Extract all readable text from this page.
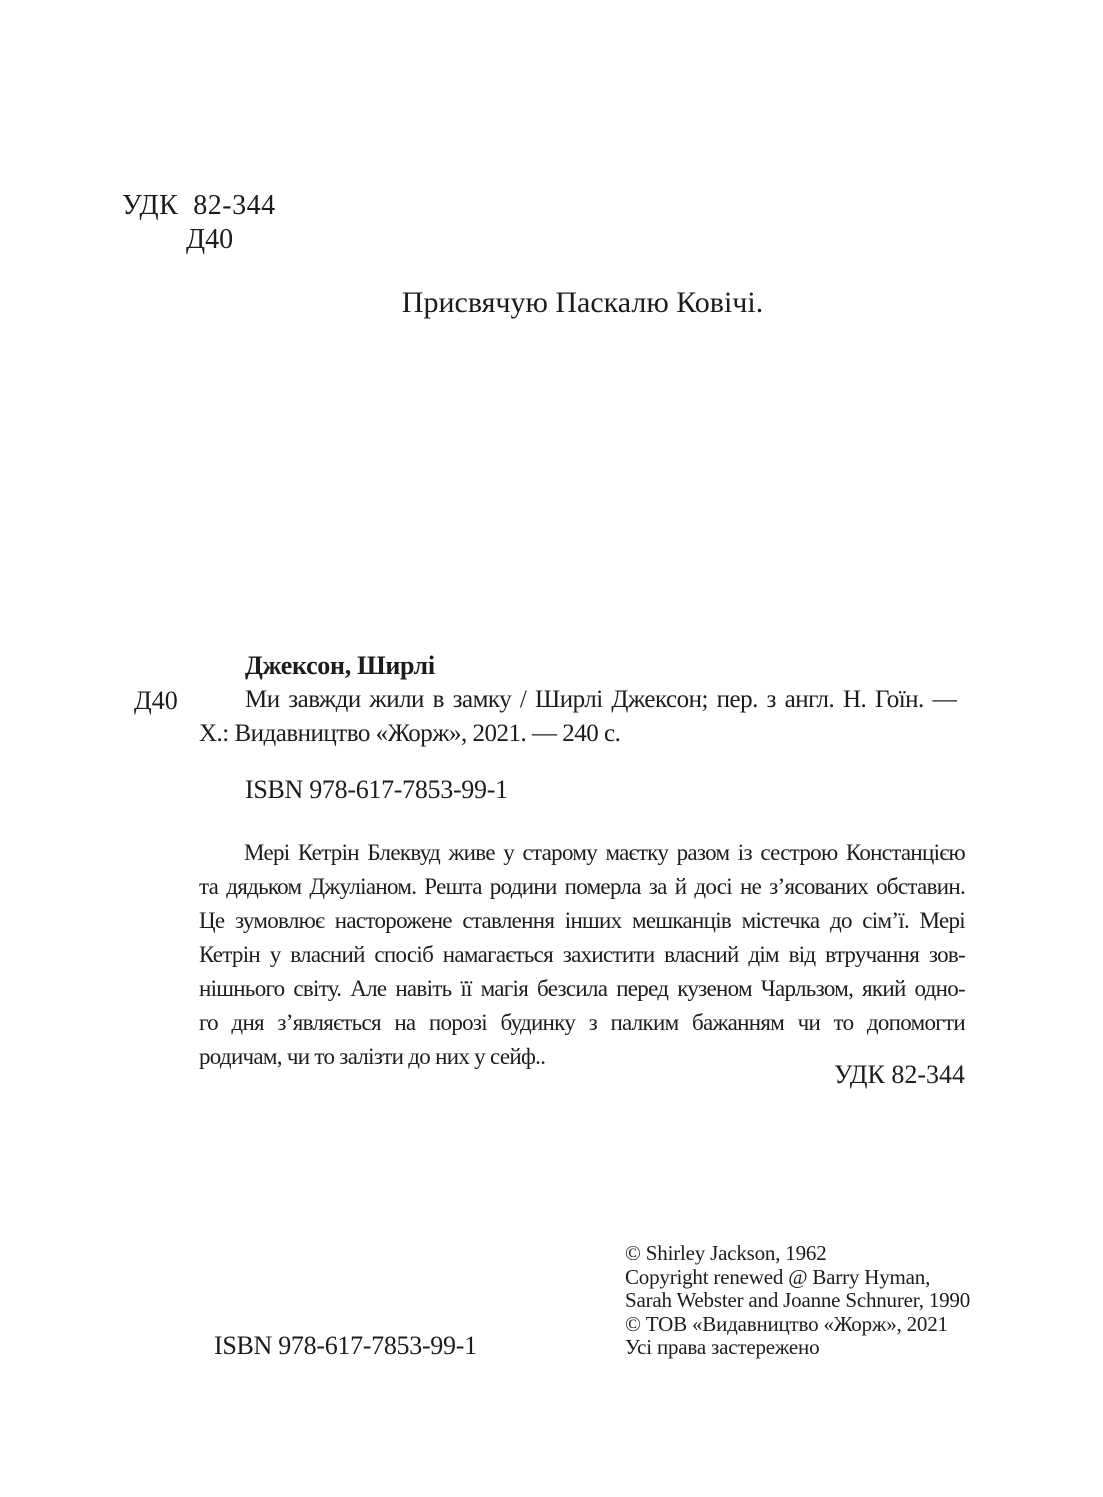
УДК  82-344
Д40
Присвячую Паскалю Ковічі.
Джексон, Ширлі
Д40	Ми завжди жили в замку / Ширлі Джексон; пер. з англ. Н. Гоїн. —
Х.: Видавництво «Жорж», 2021. — 240 с.
ISBN 978-617-7853-99-1
Мері Кетрін Блеквуд живе у старому маєтку разом із сестрою Констанцією
та дядьком Джуліаном. Решта родини померла за й досі не з’ясованих обставин.
Це зумовлює насторожене ставлення інших мешканців містечка до сім’ї. Мері
Кетрін у власний спосіб намагається захистити власний дім від втручання зов-
нішнього світу. Але навіть її магія безсила перед кузеном Чарльзом, який одно-
го дня з’являється на порозі будинку з палким бажанням чи то допомогти
родичам, чи то залізти до них у сейф..
УДК 82-344
© Shirley Jackson, 1962
Copyright renewed @ Barry Hyman,
Sarah Webster and Joanne Schnurer, 1990
© ТОВ «Видавництво «Жорж», 2021
Усі права застережено
ISBN 978-617-7853-99-1
